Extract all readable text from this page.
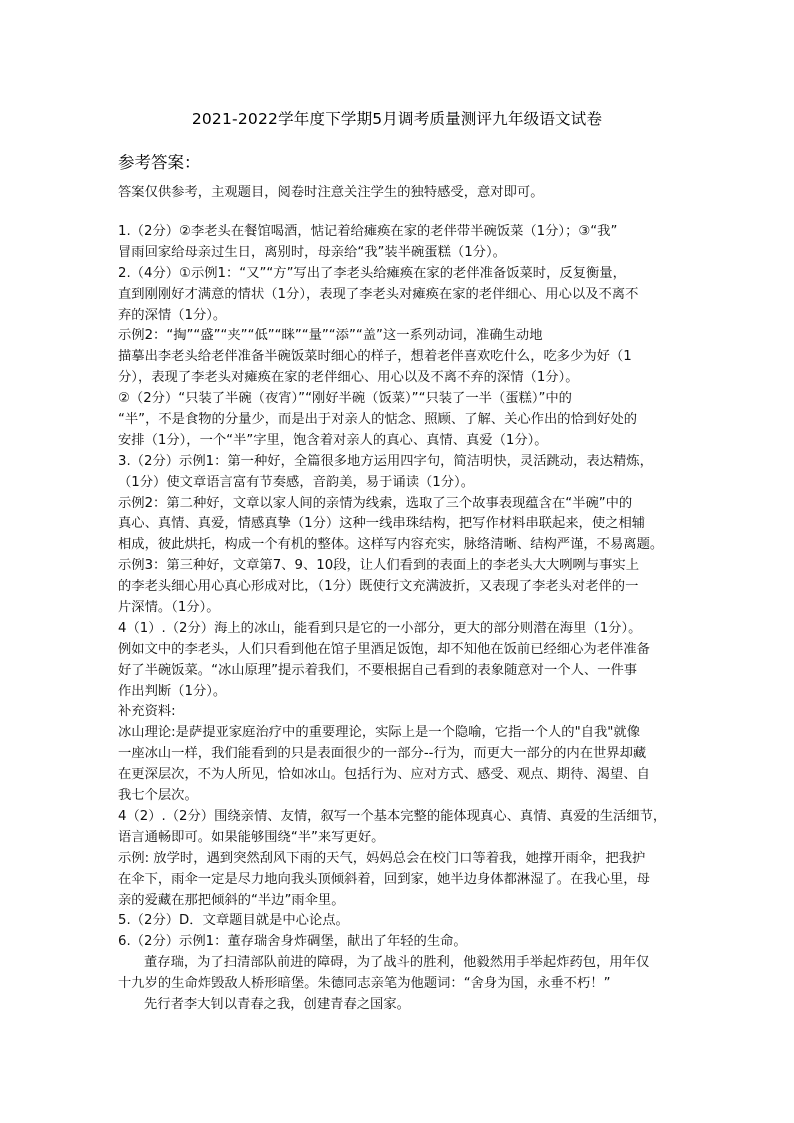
2021-2022学年度下学期5月调考质量测评九年级语文试卷
参考答案：
答案仅供参考，主观题目，阅卷时注意关注学生的独特感受，意对即可。
1.（2分）②李老头在餐馆喝酒，惦记着给瘫痪在家的老伴带半碗饭菜（1分）；③“我”
冒雨回家给母亲过生日，离别时，母亲给“我”装半碗蛋糕（1分）。
2.（4分）①示例1：“又”“方”写出了李老头给瘫痪在家的老伴准备饭菜时，反复衡量，
直到刚刚好才满意的情状（1分），表现了李老头对瘫痪在家的老伴细心、用心以及不离不
弃的深情（1分）。
示例2：“掏”“盛”“夹”“低”“眯”“量”“添”“盖”这一系列动词，准确生动地
描摹出李老头给老伴准备半碗饭菜时细心的样子，想着老伴喜欢吃什么，吃多少为好（1
分），表现了李老头对瘫痪在家的老伴细心、用心以及不离不弃的深情（1分）。
②（2分）“只装了半碗（夜宵）”“刚好半碗（饭菜）”“只装了一半（蛋糕）”中的
“半”，不是食物的分量少，而是出于对亲人的惦念、照顾、了解、关心作出的恰到好处的
安排（1分），一个“半”字里，饱含着对亲人的真心、真情、真爱（1分）。
3.（2分）示例1：第一种好，全篇很多地方运用四字句，简洁明快，灵活跳动，表达精炼，
（1分）使文章语言富有节奏感，音韵美，易于诵读（1分）。
示例2：第二种好，文章以家人间的亲情为线索，选取了三个故事表现蕴含在“半碗”中的
真心、真情、真爱，情感真挚（1分）这种一线串珠结构，把写作材料串联起来，使之相辅
相成，彼此烘托，构成一个有机的整体。这样写内容充实，脉络清晰、结构严谨，不易离题。
示例3：第三种好，文章第7、9、10段，让人们看到的表面上的李老头大大咧咧与事实上
的李老头细心用心真心形成对比，（1分）既使行文充满波折，又表现了李老头对老伴的一
片深情。（1分）。
4（1）.（2分）海上的冰山，能看到只是它的一小部分，更大的部分则潜在海里（1分）。
例如文中的李老头，人们只看到他在馆子里酒足饭饱，却不知他在饭前已经细心为老伴准备
好了半碗饭菜。“冰山原理”提示着我们，不要根据自己看到的表象随意对一个人、一件事
作出判断（1分）。
补充资料:
冰山理论:是萨提亚家庭治疗中的重要理论，实际上是一个隐喻，它指一个人的"自我"就像
一座冰山一样，我们能看到的只是表面很少的一部分--行为，而更大一部分的内在世界却藏
在更深层次，不为人所见，恰如冰山。包括行为、应对方式、感受、观点、期待、渴望、自
我七个层次。
4（2）.（2分）围绕亲情、友情，叙写一个基本完整的能体现真心、真情、真爱的生活细节，
语言通畅即可。如果能够围绕“半”来写更好。
示例: 放学时，遇到突然刮风下雨的天气，妈妈总会在校门口等着我，她撑开雨伞，把我护
在伞下，雨伞一定是尽力地向我头顶倾斜着，回到家，她半边身体都淋湿了。在我心里，母
亲的爱藏在那把倾斜的“半边”雨伞里。
5.（2分）D．文章题目就是中心论点。
6.（2分）示例1：董存瑞舍身炸碉堡，献出了年轻的生命。
董存瑞，为了扫清部队前进的障碍，为了战斗的胜利，他毅然用手举起炸药包，用年仅
十九岁的生命炸毁敌人桥形暗堡。朱德同志亲笔为他题词：“舍身为国，永垂不朽！”
先行者李大钊以青春之我，创建青春之国家。
